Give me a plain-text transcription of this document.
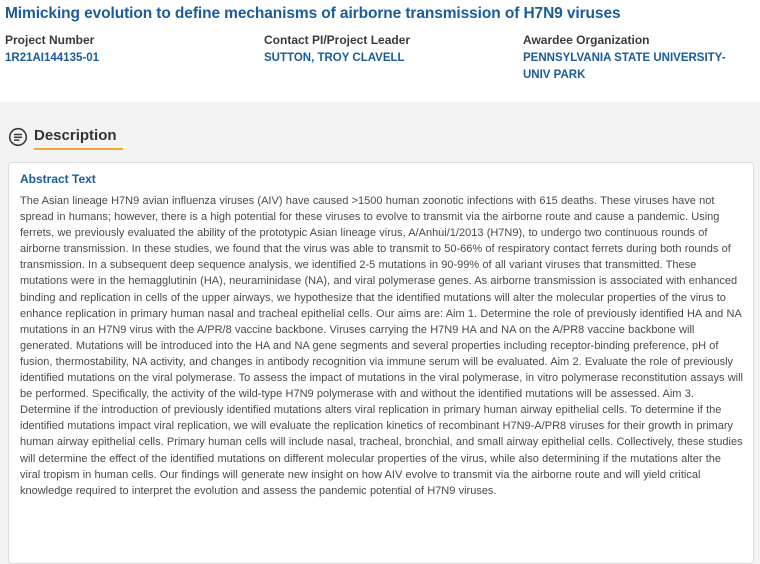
Mimicking evolution to define mechanisms of airborne transmission of H7N9 viruses
Project Number
1R21AI144135-01
Contact PI/Project Leader
SUTTON, TROY CLAVELL
Awardee Organization
PENNSYLVANIA STATE UNIVERSITY-UNIV PARK
Description
Abstract Text
The Asian lineage H7N9 avian influenza viruses (AIV) have caused >1500 human zoonotic infections with 615 deaths. These viruses have not spread in humans; however, there is a high potential for these viruses to evolve to transmit via the airborne route and cause a pandemic. Using ferrets, we previously evaluated the ability of the prototypic Asian lineage virus, A/Anhui/1/2013 (H7N9), to undergo two continuous rounds of airborne transmission. In these studies, we found that the virus was able to transmit to 50-66% of respiratory contact ferrets during both rounds of transmission. In a subsequent deep sequence analysis, we identified 2-5 mutations in 90-99% of all variant viruses that transmitted. These mutations were in the hemagglutinin (HA), neuraminidase (NA), and viral polymerase genes. As airborne transmission is associated with enhanced binding and replication in cells of the upper airways, we hypothesize that the identified mutations will alter the molecular properties of the virus to enhance replication in primary human nasal and tracheal epithelial cells. Our aims are: Aim 1. Determine the role of previously identified HA and NA mutations in an H7N9 virus with the A/PR/8 vaccine backbone. Viruses carrying the H7N9 HA and NA on the A/PR8 vaccine backbone will generated. Mutations will be introduced into the HA and NA gene segments and several properties including receptor-binding preference, pH of fusion, thermostability, NA activity, and changes in antibody recognition via immune serum will be evaluated. Aim 2. Evaluate the role of previously identified mutations on the viral polymerase. To assess the impact of mutations in the viral polymerase, in vitro polymerase reconstitution assays will be performed. Specifically, the activity of the wild-type H7N9 polymerase with and without the identified mutations will be assessed. Aim 3. Determine if the introduction of previously identified mutations alters viral replication in primary human airway epithelial cells. To determine if the identified mutations impact viral replication, we will evaluate the replication kinetics of recombinant H7N9-A/PR8 viruses for their growth in primary human airway epithelial cells. Primary human cells will include nasal, tracheal, bronchial, and small airway epithelial cells. Collectively, these studies will determine the effect of the identified mutations on different molecular properties of the virus, while also determining if the mutations alter the viral tropism in human cells. Our findings will generate new insight on how AIV evolve to transmit via the airborne route and will yield critical knowledge required to interpret the evolution and assess the pandemic potential of H7N9 viruses.
